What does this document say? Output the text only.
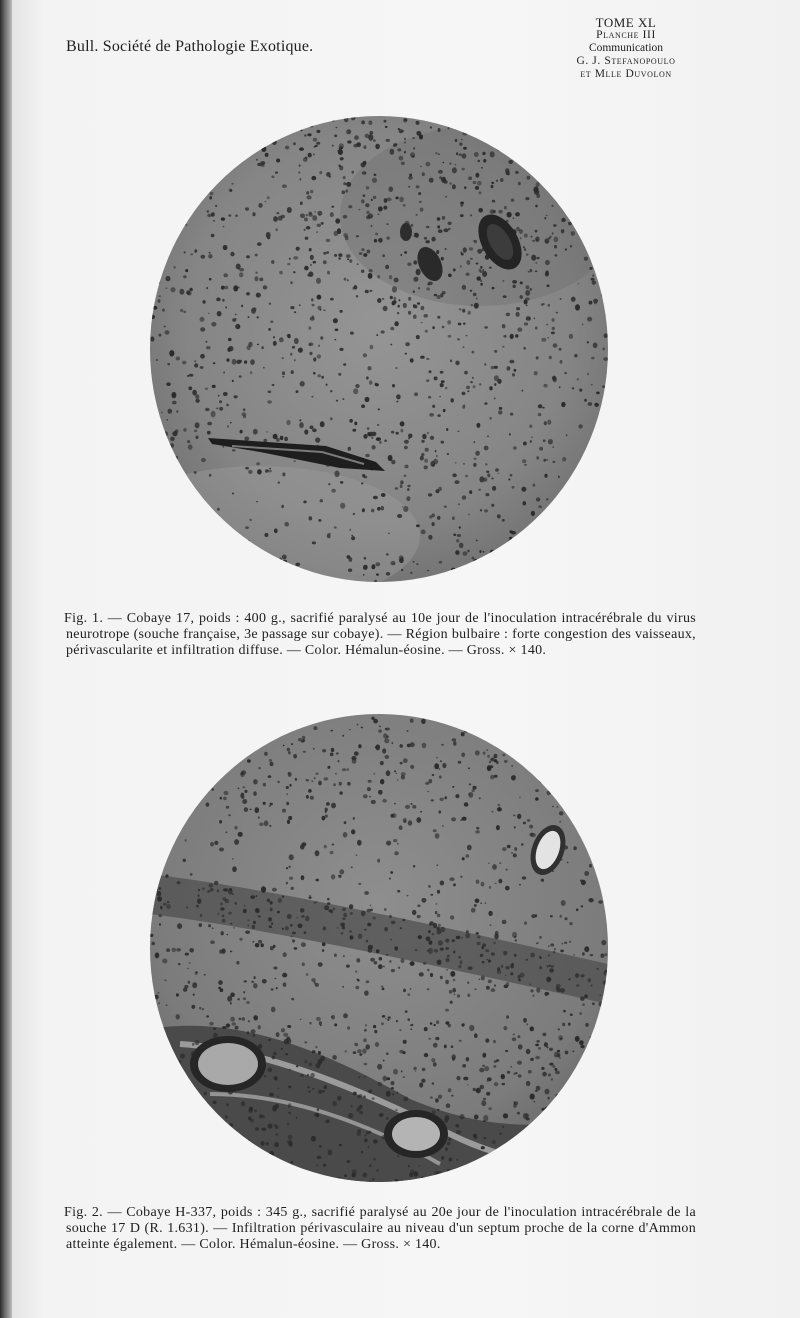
Bull. Société de Pathologie Exotique.
TOME XL
Planche III
Communication
G. J. Stefanopoulo
et Mlle Duvolon

Fig. 1. — Cobaye 17, poids : 400 g., sacrifié paralysé au 10e jour de l'inoculation intracérébrale du virus neurotrope (souche française, 3e passage sur cobaye). — Région bulbaire : forte congestion des vaisseaux, périvascularite et infiltration diffuse. — Color. Hémalun-éosine. — Gross. × 140.

Fig. 2. — Cobaye H-337, poids : 345 g., sacrifié paralysé au 20e jour de l'inoculation intracérébrale de la souche 17 D (R. 1.631). — Infiltration périvasculaire au niveau d'un septum proche de la corne d'Ammon atteinte également. — Color. Hémalun-éosine. — Gross. × 140.
